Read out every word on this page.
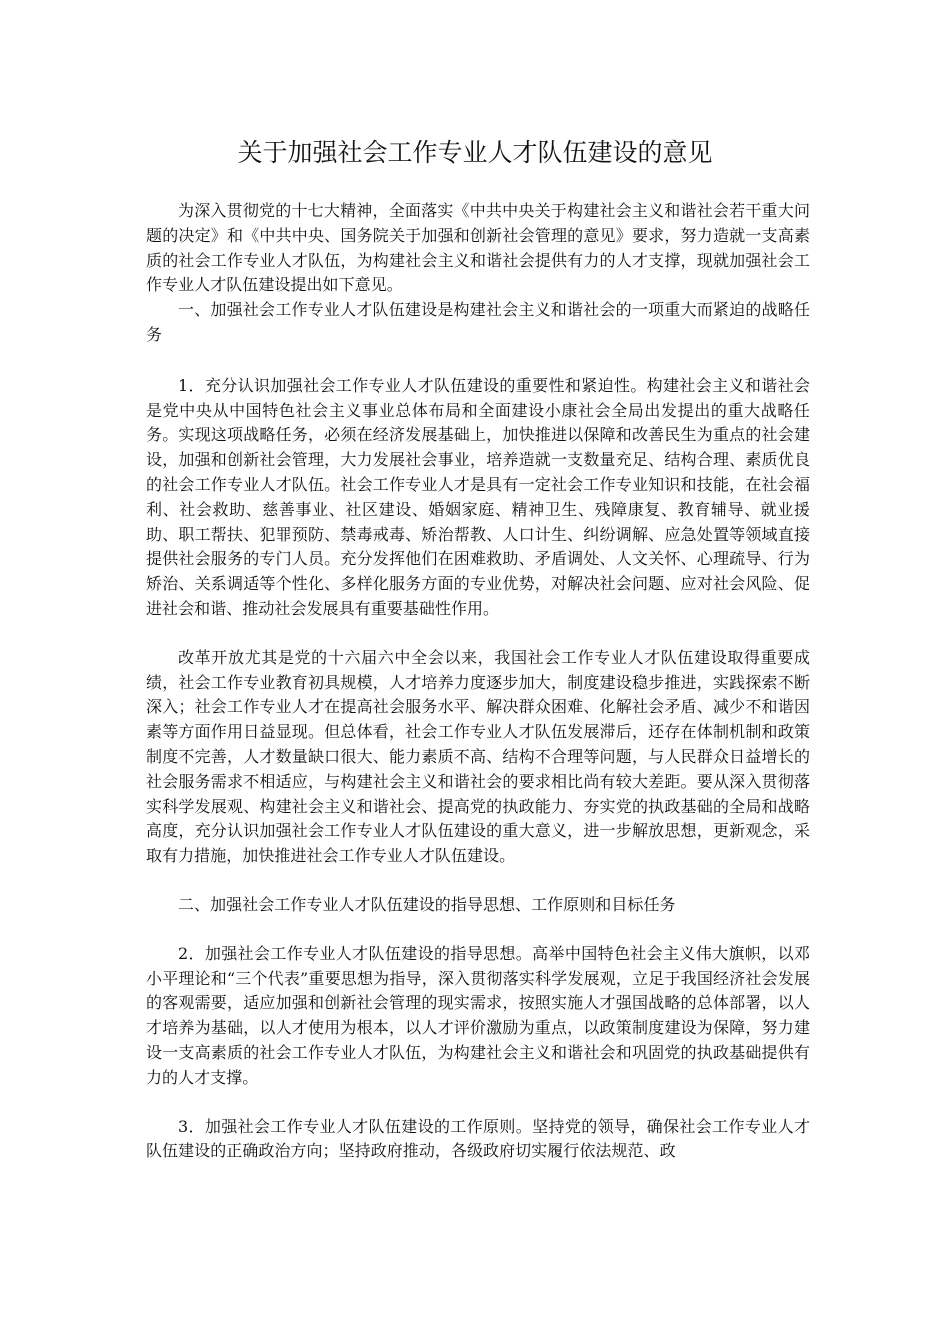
关于加强社会工作专业人才队伍建设的意见

为深入贯彻党的十七大精神，全面落实《中共中央关于构建社会主义和谐社会若干重大问题的决定》和《中共中央、国务院关于加强和创新社会管理的意见》要求，努力造就一支高素质的社会工作专业人才队伍，为构建社会主义和谐社会提供有力的人才支撑，现就加强社会工作专业人才队伍建设提出如下意见。

一、加强社会工作专业人才队伍建设是构建社会主义和谐社会的一项重大而紧迫的战略任务

1．充分认识加强社会工作专业人才队伍建设的重要性和紧迫性。构建社会主义和谐社会是党中央从中国特色社会主义事业总体布局和全面建设小康社会全局出发提出的重大战略任务。实现这项战略任务，必须在经济发展基础上，加快推进以保障和改善民生为重点的社会建设，加强和创新社会管理，大力发展社会事业，培养造就一支数量充足、结构合理、素质优良的社会工作专业人才队伍。社会工作专业人才是具有一定社会工作专业知识和技能，在社会福利、社会救助、慈善事业、社区建设、婚姻家庭、精神卫生、残障康复、教育辅导、就业援助、职工帮扶、犯罪预防、禁毒戒毒、矫治帮教、人口计生、纠纷调解、应急处置等领域直接提供社会服务的专门人员。充分发挥他们在困难救助、矛盾调处、人文关怀、心理疏导、行为矫治、关系调适等个性化、多样化服务方面的专业优势，对解决社会问题、应对社会风险、促进社会和谐、推动社会发展具有重要基础性作用。

改革开放尤其是党的十六届六中全会以来，我国社会工作专业人才队伍建设取得重要成绩，社会工作专业教育初具规模，人才培养力度逐步加大，制度建设稳步推进，实践探索不断深入；社会工作专业人才在提高社会服务水平、解决群众困难、化解社会矛盾、减少不和谐因素等方面作用日益显现。但总体看，社会工作专业人才队伍发展滞后，还存在体制机制和政策制度不完善，人才数量缺口很大、能力素质不高、结构不合理等问题，与人民群众日益增长的社会服务需求不相适应，与构建社会主义和谐社会的要求相比尚有较大差距。要从深入贯彻落实科学发展观、构建社会主义和谐社会、提高党的执政能力、夯实党的执政基础的全局和战略高度，充分认识加强社会工作专业人才队伍建设的重大意义，进一步解放思想，更新观念，采取有力措施，加快推进社会工作专业人才队伍建设。

二、加强社会工作专业人才队伍建设的指导思想、工作原则和目标任务

2．加强社会工作专业人才队伍建设的指导思想。高举中国特色社会主义伟大旗帜，以邓小平理论和“三个代表”重要思想为指导，深入贯彻落实科学发展观，立足于我国经济社会发展的客观需要，适应加强和创新社会管理的现实需求，按照实施人才强国战略的总体部署，以人才培养为基础，以人才使用为根本，以人才评价激励为重点，以政策制度建设为保障，努力建设一支高素质的社会工作专业人才队伍，为构建社会主义和谐社会和巩固党的执政基础提供有力的人才支撑。

3．加强社会工作专业人才队伍建设的工作原则。坚持党的领导，确保社会工作专业人才队伍建设的正确政治方向；坚持政府推动，各级政府切实履行依法规范、政
